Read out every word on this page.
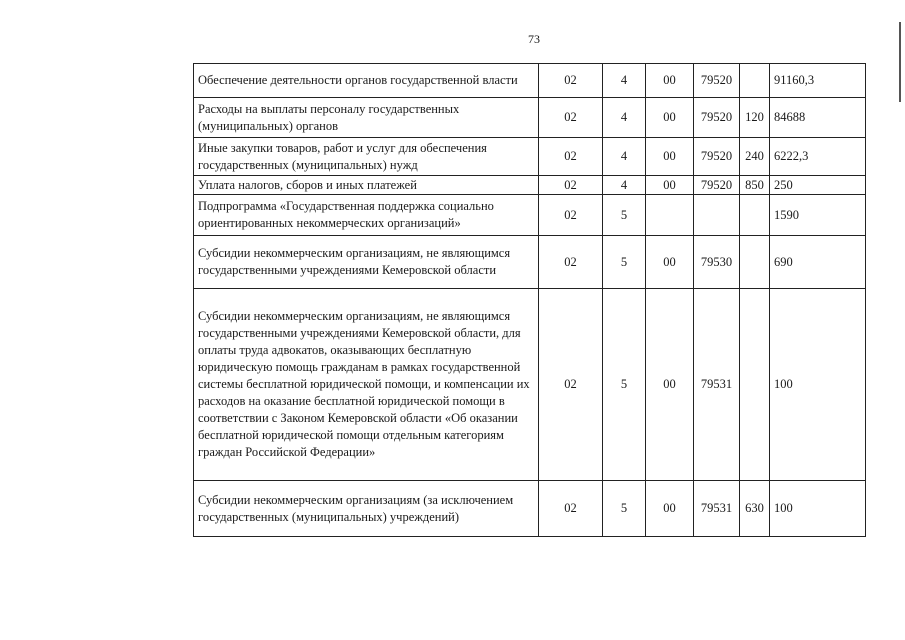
73
Обеспечение деятельности органов государственной власти	02	4	00	79520		91160,3
Расходы на выплаты персоналу государственных (муниципальных) органов	02	4	00	79520	120	84688
Иные закупки товаров, работ и услуг для обеспечения государственных (муниципальных) нужд	02	4	00	79520	240	6222,3
Уплата налогов, сборов и иных платежей	02	4	00	79520	850	250
Подпрограмма «Государственная поддержка социально ориентированных некоммерческих организаций»	02	5				1590
Субсидии некоммерческим организациям, не являющимся государственными учреждениями Кемеровской области	02	5	00	79530		690
Субсидии некоммерческим организациям, не являющимся государственными учреждениями Кемеровской области, для оплаты труда адвокатов, оказывающих бесплатную юридическую помощь гражданам в рамках государственной системы бесплатной юридической помощи, и компенсации их расходов на оказание бесплатной юридической помощи в соответствии с Законом Кемеровской области «Об оказании бесплатной юридической помощи отдельным категориям граждан Российской Федерации»	02	5	00	79531		100
Субсидии некоммерческим организациям (за исключением государственных (муниципальных) учреждений)	02	5	00	79531	630	100
